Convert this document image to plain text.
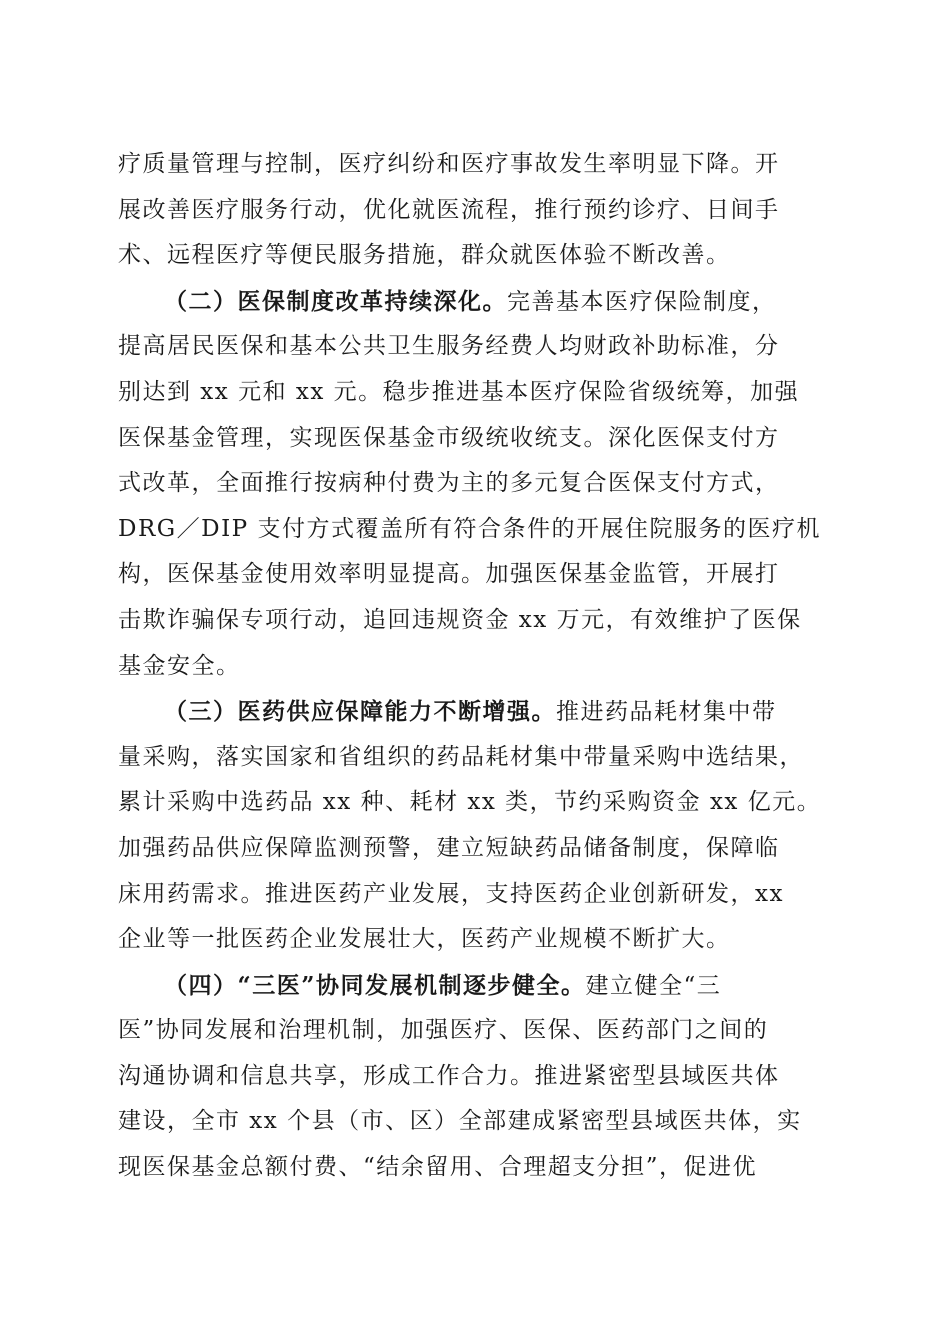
疗质量管理与控制，医疗纠纷和医疗事故发生率明显下降。开
展改善医疗服务行动，优化就医流程，推行预约诊疗、日间手
术、远程医疗等便民服务措施，群众就医体验不断改善。
（二）医保制度改革持续深化。完善基本医疗保险制度，
提高居民医保和基本公共卫生服务经费人均财政补助标准，分
别达到 xx 元和 xx 元。稳步推进基本医疗保险省级统筹，加强
医保基金管理，实现医保基金市级统收统支。深化医保支付方
式改革，全面推行按病种付费为主的多元复合医保支付方式，
DRG／DIP 支付方式覆盖所有符合条件的开展住院服务的医疗机
构，医保基金使用效率明显提高。加强医保基金监管，开展打
击欺诈骗保专项行动，追回违规资金 xx 万元，有效维护了医保
基金安全。
（三）医药供应保障能力不断增强。推进药品耗材集中带
量采购，落实国家和省组织的药品耗材集中带量采购中选结果，
累计采购中选药品 xx 种、耗材 xx 类，节约采购资金 xx 亿元。
加强药品供应保障监测预警，建立短缺药品储备制度，保障临
床用药需求。推进医药产业发展，支持医药企业创新研发，xx
企业等一批医药企业发展壮大，医药产业规模不断扩大。
（四）“三医”协同发展机制逐步健全。建立健全“三
医”协同发展和治理机制，加强医疗、医保、医药部门之间的
沟通协调和信息共享，形成工作合力。推进紧密型县域医共体
建设，全市 xx 个县（市、区）全部建成紧密型县域医共体，实
现医保基金总额付费、“结余留用、合理超支分担”，促进优
